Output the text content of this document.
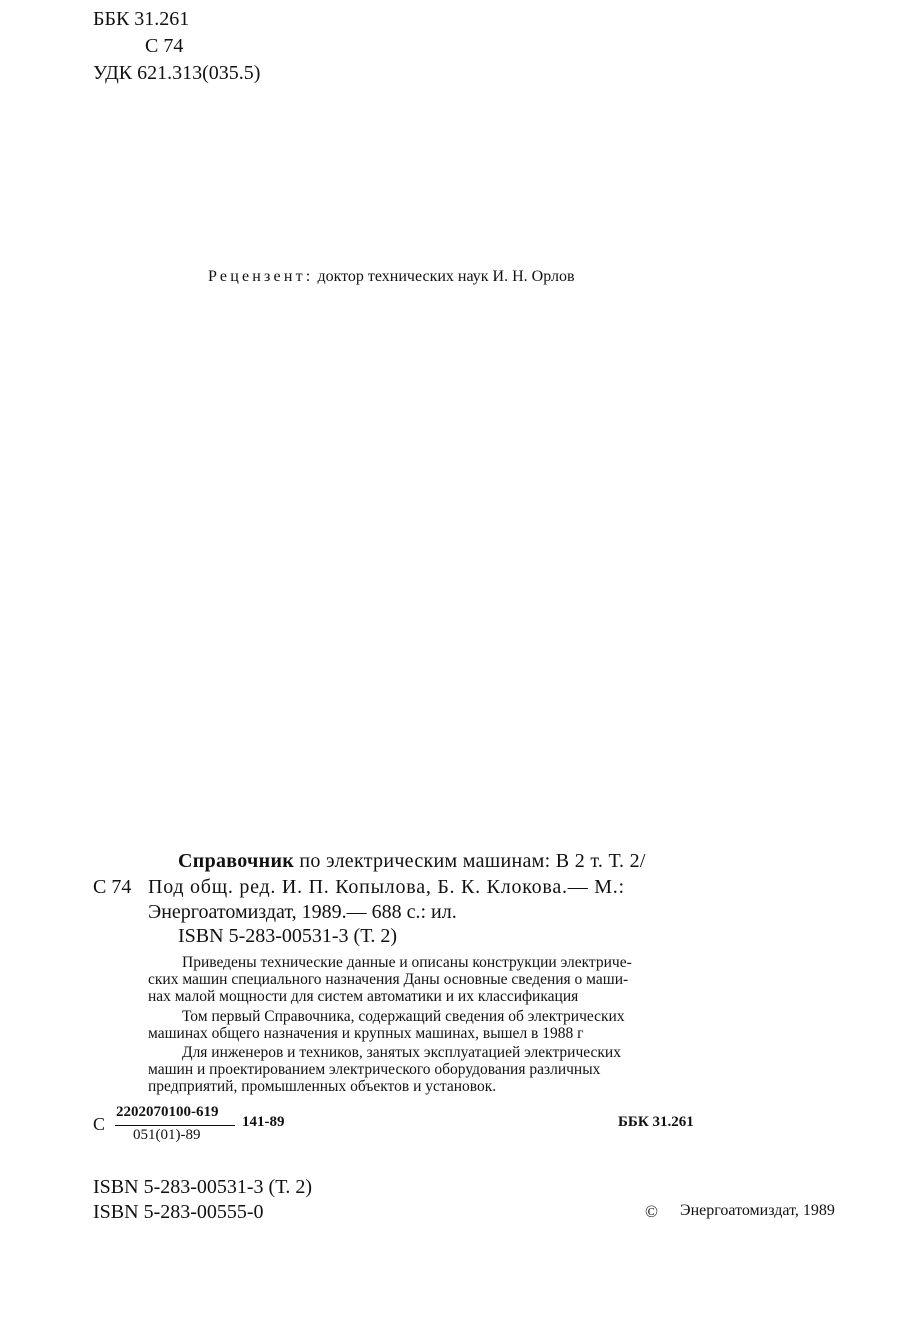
ББК 31.261
С 74
УДК 621.313(035.5)
Рецензент: доктор технических наук И. Н. Орлов
С 74
Справочник по электрическим машинам: В 2 т. Т. 2/
Под общ. ред. И. П. Копылова, Б. К. Клокова.— М.:
Энергоатомиздат, 1989.— 688 с.: ил.
ISBN 5-283-00531-3 (Т. 2)
Приведены технические данные и описаны конструкции электриче-
ских машин специального назначения Даны основные сведения о маши-
нах малой мощности для систем автоматики и их классификация
Том первый Справочника, содержащий сведения об электрических
машинах общего назначения и крупных машинах, вышел в 1988 г
Для инженеров и техников, занятых эксплуатацией электрических
машин и проектированием электрического оборудования различных
предприятий, промышленных объектов и установок.
С
2202070100-619
051(01)-89
141-89	ББК 31.261
ISBN 5-283-00531-3 (Т. 2)
ISBN 5-283-00555-0	© Энергоатомиздат, 1989
